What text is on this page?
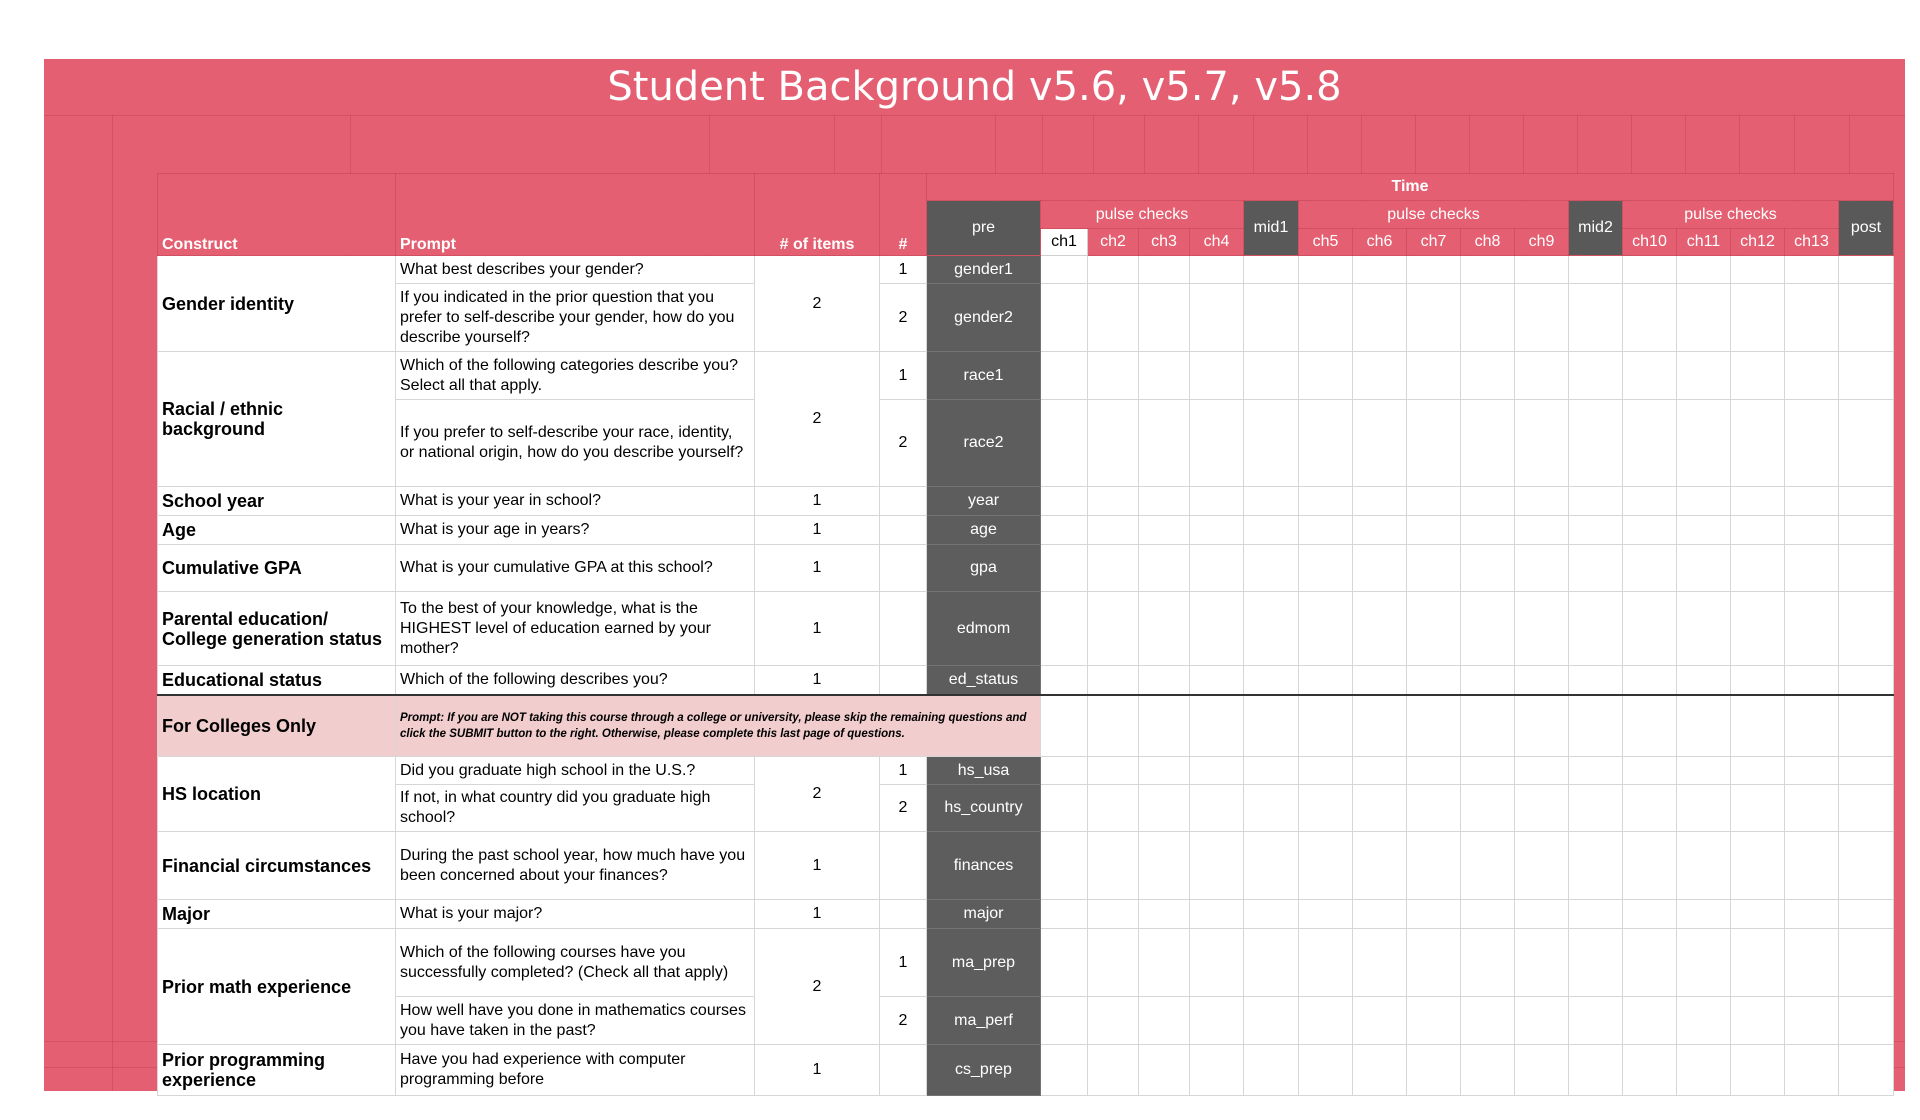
Student Background v5.6, v5.7, v5.8
Construct	Prompt	# of items	#	Time																
				pre	pulse checks				mid1	pulse checks					mid2	pulse checks				post
					ch1	ch2	ch3	ch4		ch5	ch6	ch7	ch8	ch9		ch10	ch11	ch12	ch13	
Gender identity	What best describes your gender?	2	1	gender1																
	If you indicated in the prior question that you prefer to self-describe your gender, how do you describe yourself?		2	gender2																
Racial / ethnic background	Which of the following categories describe you? Select all that apply.	2	1	race1																
	If you prefer to self-describe your race, identity, or national origin, how do you describe yourself?		2	race2																
School year	What is your year in school?	1		year																
Age	What is your age in years?	1		age																
Cumulative GPA	What is your cumulative GPA at this school?	1		gpa																
Parental education/ College generation status	To the best of your knowledge, what is the HIGHEST level of education earned by your mother?	1		edmom																
Educational status	Which of the following describes you?	1		ed_status																
For Colleges Only	Prompt: If you are NOT taking this course through a college or university, please skip the remaining questions and click the SUBMIT button to the right. Otherwise, please complete this last page of questions.																			
HS location	Did you graduate high school in the U.S.?	2	1	hs_usa																
	If not, in what country did you graduate high school?		2	hs_country																
Financial circumstances	During the past school year, how much have you been concerned about your finances?	1		finances																
Major	What is your major?	1		major																
Prior math experience	Which of the following courses have you successfully completed? (Check all that apply)	2	1	ma_prep																
	How well have you done in mathematics courses you have taken in the past?		2	ma_perf																
Prior programming experience	Have you had experience with computer programming before	1		cs_prep																
